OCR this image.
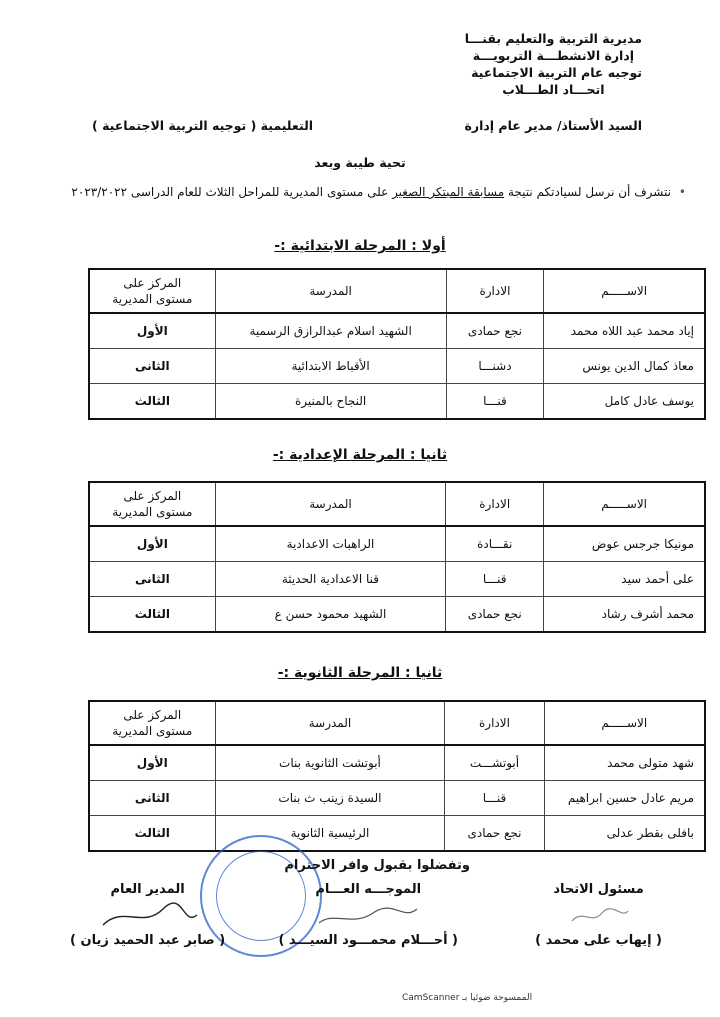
مديرية التربية والتعليم بقنـــا
إدارة الانشطـــة التربويـــة
توجيه عام التربية الاجتماعية
اتحـــاد الطـــلاب
السيد الأستاذ/ مدير عام إدارة
التعليمية ( توجيه التربية الاجتماعية )
تحية طيبة وبعد
•نتشرف أن نرسل لسيادتكم نتيجة مسابقة المبتكر الصغير على مستوى المديرية للمراحل الثلاث للعام الدراسى ٢٠٢٣/٢٠٢٢
أولا : المرحلة الابتدائية :-
الاســـــم	الادارة	المدرسة	المركز على
مستوى المديرية
إياد محمد عبد اللاه محمد	نجع حمادى	الشهيد اسلام عبدالرازق الرسمية	الأول
معاذ كمال الدين يونس	دشنـــا	الأقباط الابتدائية	الثانى
يوسف عادل كامل	قنـــا	النجاح بالمنيرة	الثالث
ثانيا : المرحلة الإعدادية :-
الاســـــم	الادارة	المدرسة	المركز على
مستوى المديرية
مونيكا جرجس عوض	نقـــادة	الراهبات الاعدادية	الأول
على أحمد سيد	قنـــا	قنا الاعدادية الحديثة	الثانى
محمد أشرف رشاد	نجع حمادى	الشهيد محمود حسن ع	الثالث
ثانيا : المرحلة الثانوية :-
الاســـــم	الادارة	المدرسة	المركز على
مستوى المديرية
شهد متولى محمد	أبوتشـــت	أبوتشت الثانوية بنات	الأول
مريم عادل حسين ابراهيم	قنـــا	السيدة زينب ث بنات	الثانى
بافلى بقطر عدلى	نجع حمادى	الرئيسية الثانوية	الثالث
وتفضلوا بقبول وافر الاحترام
مسئول الاتحاد
( إيهاب على محمد )
الموجـــه العـــام
( أحـــلام محمـــود السيـــد )
المدير العام
( صابر عبد الحميد زيان )
الممسوحة ضوئيا بـ CamScanner
